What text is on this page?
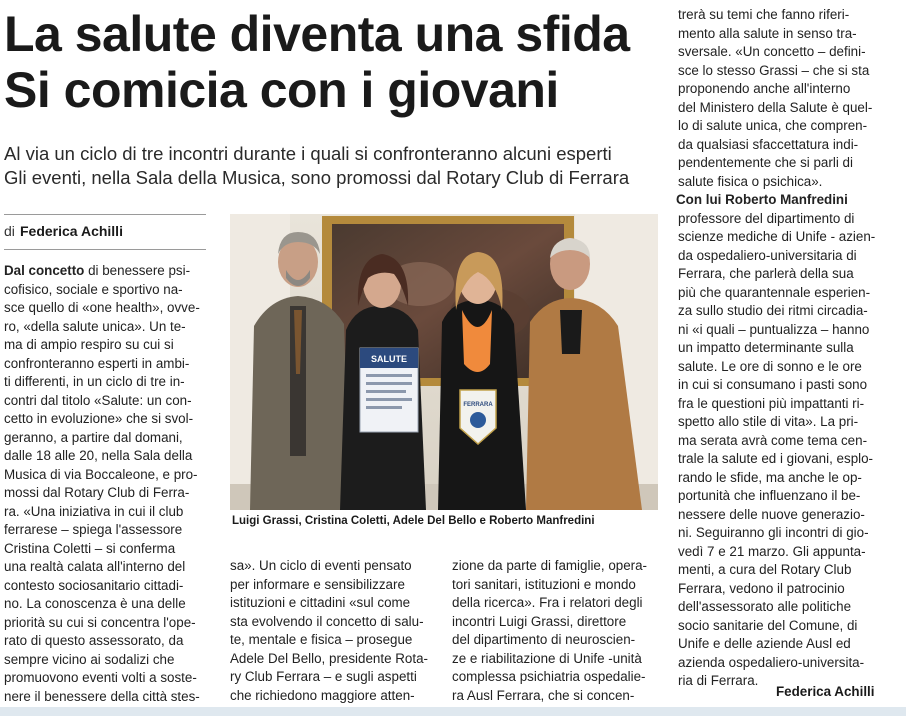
La salute diventa una sfida
Si comicia con i giovani
Al via un ciclo di tre incontri durante i quali si confronteranno alcuni esperti
Gli eventi, nella Sala della Musica, sono promossi dal Rotary Club di Ferrara
di Federica Achilli
Dal concetto di benessere psi-
cofisico, sociale e sportivo na-
sce quello di «one health», ovve-
ro, «della salute unica». Un te-
ma di ampio respiro su cui si
confronteranno esperti in ambi-
ti differenti, in un ciclo di tre in-
contri dal titolo «Salute: un con-
cetto in evoluzione» che si svol-
geranno, a partire dal domani,
dalle 18 alle 20, nella Sala della
Musica di via Boccaleone, e pro-
mossi dal Rotary Club di Ferra-
ra. «Una iniziativa in cui il club
ferrarese – spiega l'assessore
Cristina Coletti – si conferma
una realtà calata all'interno del
contesto sociosanitario cittadi-
no. La conoscenza è una delle
priorità su cui si concentra l'ope-
rato di questo assessorato, da
sempre vicino ai sodalizi che
promuovono eventi volti a soste-
nere il benessere della città stes-
SALUTE
FERRARA
Luigi Grassi, Cristina Coletti, Adele Del Bello e Roberto Manfredini
sa». Un ciclo di eventi pensato
per informare e sensibilizzare
istituzioni e cittadini «sul come
sta evolvendo il concetto di salu-
te, mentale e fisica – prosegue
Adele Del Bello, presidente Rota-
ry Club Ferrara – e sugli aspetti
che richiedono maggiore atten-
zione da parte di famiglie, opera-
tori sanitari, istituzioni e mondo
della ricerca». Fra i relatori degli
incontri Luigi Grassi, direttore
del dipartimento di neuroscien-
ze e riabilitazione di Unife -unità
complessa psichiatria ospedalie-
ra Ausl Ferrara, che si concen-
trerà su temi che fanno riferi-
mento alla salute in senso tra-
sversale. «Un concetto – defini-
sce lo stesso Grassi – che si sta
proponendo anche all'interno
del Ministero della Salute è quel-
lo di salute unica, che compren-
da qualsiasi sfaccettatura indi-
pendentemente che si parli di
salute fisica o psichica».
Con lui Roberto Manfredini
professore del dipartimento di
scienze mediche di Unife - azien-
da ospedaliero-universitaria di
Ferrara, che parlerà della sua
più che quarantennale esperien-
za sullo studio dei ritmi circadia-
ni «i quali – puntualizza – hanno
un impatto determinante sulla
salute. Le ore di sonno e le ore
in cui si consumano i pasti sono
fra le questioni più impattanti ri-
spetto allo stile di vita». La pri-
ma serata avrà come tema cen-
trale la salute ed i giovani, esplo-
rando le sfide, ma anche le op-
portunità che influenzano il be-
nessere delle nuove generazio-
ni. Seguiranno gli incontri di gio-
vedì 7 e 21 marzo. Gli appunta-
menti, a cura del Rotary Club
Ferrara, vedono il patrocinio
dell'assessorato alle politiche
socio sanitarie del Comune, di
Unife e delle aziende Ausl ed
azienda ospedaliero-universita-
ria di Ferrara.
Federica Achilli
